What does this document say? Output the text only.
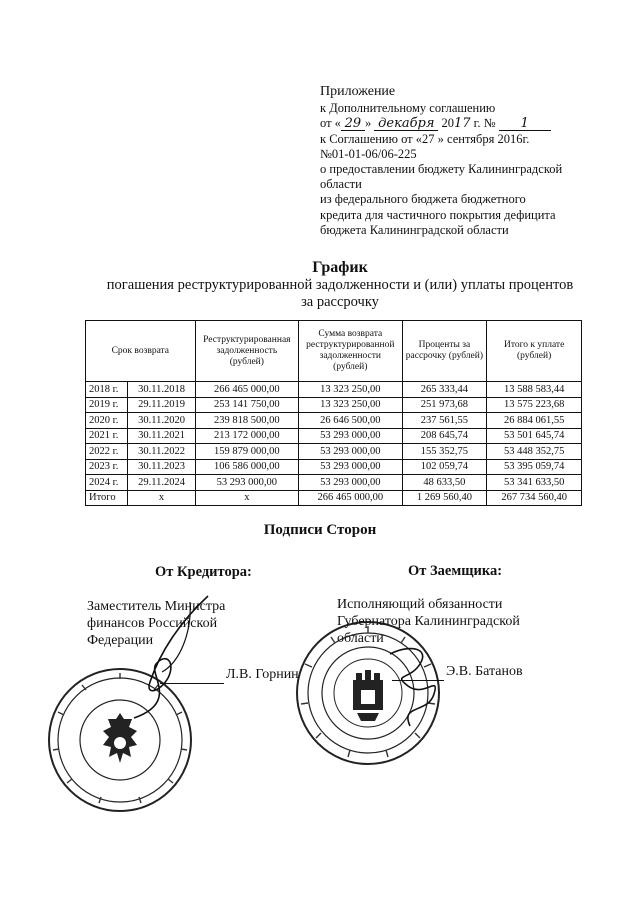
Приложение
к Дополнительному соглашению
от « 29 » декабря 2017 г. № 1
к Соглашению от «27 » сентября 2016г.
№01-01-06/06-225
о предоставлении бюджету Калининградской
области
из федерального бюджета бюджетного
кредита для частичного покрытия дефицита
бюджета Калининградской области
График
погашения реструктурированной задолженности и (или) уплаты процентов
за рассрочку
Срок возврата		Реструктурированная задолженность (рублей)	Сумма возврата реструктурированной задолженности (рублей)	Проценты за рассрочку (рублей)	Итого к уплате (рублей)
2018 г.	30.11.2018	266 465 000,00	13 323 250,00	265 333,44	13 588 583,44
2019 г.	29.11.2019	253 141 750,00	13 323 250,00	251 973,68	13 575 223,68
2020 г.	30.11.2020	239 818 500,00	26 646 500,00	237 561,55	26 884 061,55
2021 г.	30.11.2021	213 172 000,00	53 293 000,00	208 645,74	53 501 645,74
2022 г.	30.11.2022	159 879 000,00	53 293 000,00	155 352,75	53 448 352,75
2023 г.	30.11.2023	106 586 000,00	53 293 000,00	102 059,74	53 395 059,74
2024 г.	29.11.2024	53 293 000,00	53 293 000,00	48 633,50	53 341 633,50
Итого	х	х	266 465 000,00	1 269 560,40	267 734 560,40
Подписи Сторон
От Кредитора:	От Заемщика:
Заместитель Министра
финансов Российской
Федерации
Л.В. Горнин
Исполняющий обязанности
Губернатора Калининградской
области
Э.В. Батанов
